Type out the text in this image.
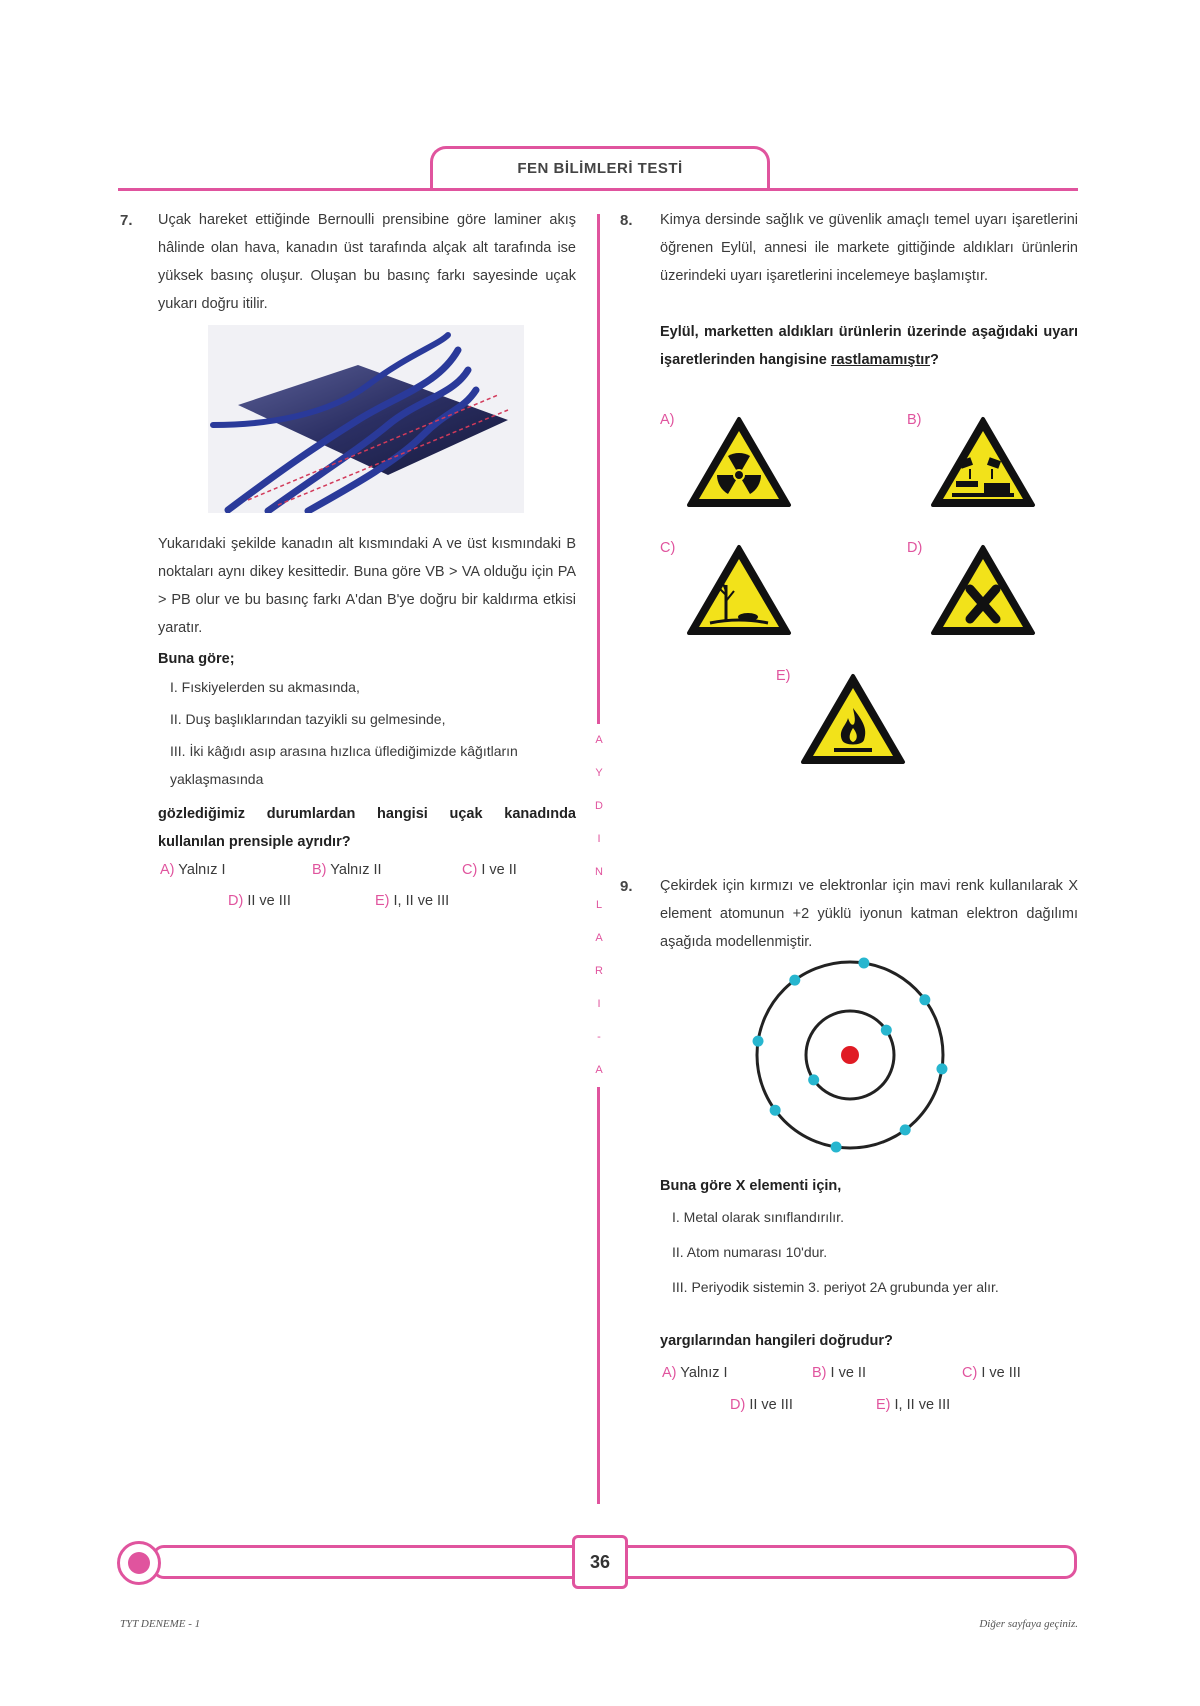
FEN BİLİMLERİ TESTİ
A
Y
D
I
N
L
A
R
I
-
A
7. Uçak hareket ettiğinde Bernoulli prensibine göre laminer akış hâlinde olan hava, kanadın üst tarafında alçak alt tarafında ise yüksek basınç oluşur. Oluşan bu basınç farkı sayesinde uçak yukarı doğru itilir.
Yukarıdaki şekilde kanadın alt kısmındaki A ve üst kısmındaki B noktaları aynı dikey kesittedir. Buna göre VB > VA olduğu için PA > PB olur ve bu basınç farkı A'dan B'ye doğru bir kaldırma etkisi yaratır.
Buna göre;
I. Fıskiyelerden su akmasında,
II. Duş başlıklarından tazyikli su gelmesinde,
III. İki kâğıdı asıp arasına hızlıca üflediğimizde kâğıtların yaklaşmasında
gözlediğimiz durumlardan hangisi uçak kanadında kullanılan prensiple ayrıdır?
A) Yalnız I	B) Yalnız II	C) I ve II
D) II ve III	E) I, II ve III
8. Kimya dersinde sağlık ve güvenlik amaçlı temel uyarı işaretlerini öğrenen Eylül, annesi ile markete gittiğinde aldıkları ürünlerin üzerindeki uyarı işaretlerini incelemeye başlamıştır.
Eylül, marketten aldıkları ürünlerin üzerinde aşağıdaki uyarı işaretlerinden hangisine rastlamamıştır?
A)	B)
C)	D)
E)
9. Çekirdek için kırmızı ve elektronlar için mavi renk kullanılarak X element atomunun +2 yüklü iyonun katman elektron dağılımı aşağıda modellenmiştir.
Buna göre X elementi için,
I. Metal olarak sınıflandırılır.
II. Atom numarası 10'dur.
III. Periyodik sistemin 3. periyot 2A grubunda yer alır.
yargılarından hangileri doğrudur?
A) Yalnız I	B) I ve II	C) I ve III
D) II ve III	E) I, II ve III
36
TYT DENEME - 1	Diğer sayfaya geçiniz.
